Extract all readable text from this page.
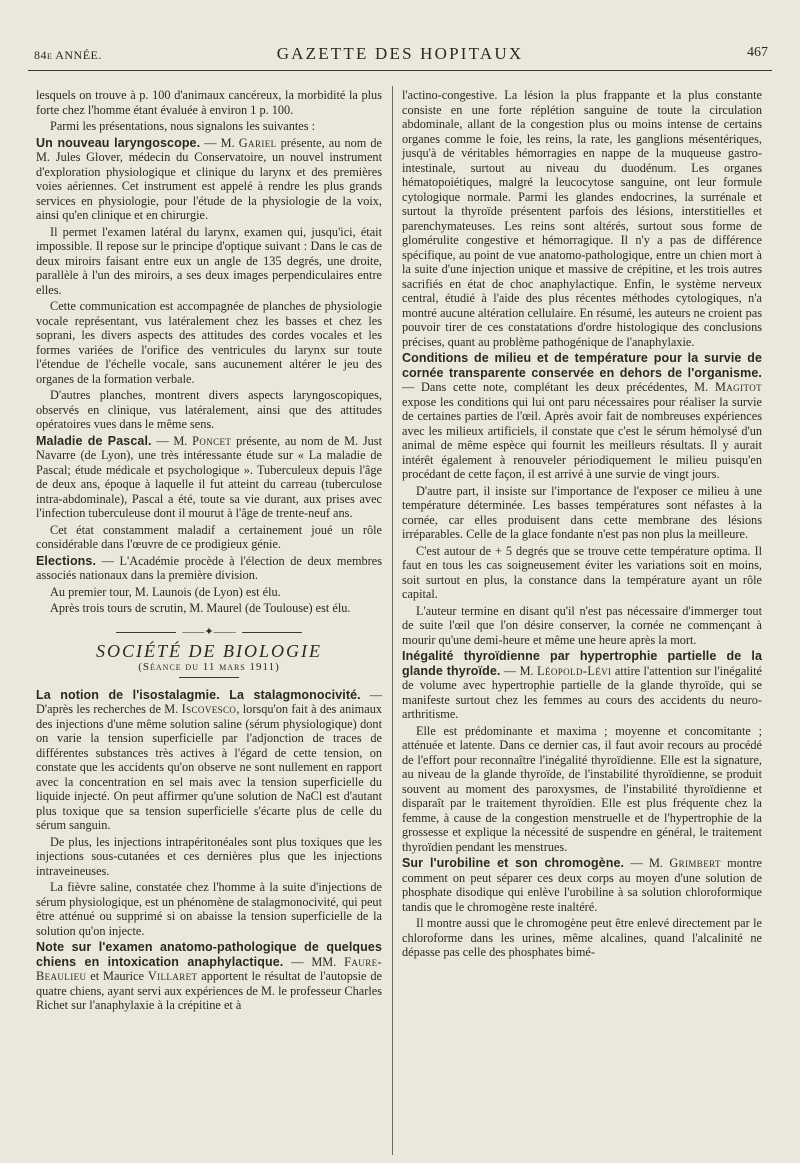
84e ANNÉE.	GAZETTE DES HOPITAUX	467

lesquels on trouve à p. 100 d'animaux cancéreux, la morbidité la plus forte chez l'homme étant évaluée à environ 1 p. 100.

Parmi les présentations, nous signalons les suivantes :

Un nouveau laryngoscope. — M. Gariel présente, au nom de M. Jules Glover, médecin du Conservatoire, un nouvel instrument d'exploration physiologique et clinique du larynx et des premières voies aériennes. Cet instrument est appelé à rendre les plus grands services en physiologie, pour l'étude de la physiologie de la voix, ainsi qu'en clinique et en chirurgie.

Il permet l'examen latéral du larynx, examen qui, jusqu'ici, était impossible. Il repose sur le principe d'optique suivant : Dans le cas de deux miroirs faisant entre eux un angle de 135 degrés, une droite, parallèle à l'un des miroirs, a ses deux images perpendiculaires entre elles.

Cette communication est accompagnée de planches de physiologie vocale représentant, vus latéralement chez les basses et chez les soprani, les divers aspects des attitudes des cordes vocales et les formes variées de l'orifice des ventricules du larynx sur toute l'étendue de l'échelle vocale, sans aucunement altérer le jeu des organes de la formation verbale.

D'autres planches, montrent divers aspects laryngoscopiques, observés en clinique, vus latéralement, ainsi que des attitudes opératoires vues dans le même sens.

Maladie de Pascal. — M. Poncet présente, au nom de M. Just Navarre (de Lyon), une très intéressante étude sur « La maladie de Pascal; étude médicale et psychologique ». Tuberculeux depuis l'âge de deux ans, époque à laquelle il fut atteint du carreau (tuberculose intra-abdominale), Pascal a été, toute sa vie durant, aux prises avec l'infection tuberculeuse dont il mourut à l'âge de trente-neuf ans.

Cet état constamment maladif a certainement joué un rôle considérable dans l'œuvre de ce prodigieux génie.

Elections. — L'Académie procède à l'élection de deux membres associés nationaux dans la première division.

Au premier tour, M. Launois (de Lyon) est élu.

Après trois tours de scrutin, M. Maurel (de Toulouse) est élu.

——✦——

SOCIÉTÉ DE BIOLOGIE

(Séance du 11 mars 1911)

La notion de l'isostalagmie. La stalagmonocivité. — D'après les recherches de M. Iscovesco, lorsqu'on fait à des animaux des injections d'une même solution saline (sérum physiologique) dont on varie la tension superficielle par l'adjonction de traces de différentes substances très actives à l'égard de cette tension, on constate que les accidents qu'on observe ne sont nullement en rapport avec la concentration en sel mais avec la tension superficielle du liquide injecté. On peut affirmer qu'une solution de NaCl est d'autant plus toxique que sa tension superficielle s'écarte plus de celle du sérum sanguin.

De plus, les injections intrapéritonéales sont plus toxiques que les injections sous-cutanées et ces dernières plus que les injections intraveineuses.

La fièvre saline, constatée chez l'homme à la suite d'injections de sérum physiologique, est un phénomène de stalagmonocivité, qui peut être atténué ou supprimé si on abaisse la tension superficielle de la solution qu'on injecte.

Note sur l'examen anatomo-pathologique de quelques chiens en intoxication anaphylactique. — MM. Faure-Beaulieu et Maurice Villaret apportent le résultat de l'autopsie de quatre chiens, ayant servi aux expériences de M. le professeur Charles Richet sur l'anaphylaxie à la crépitine et à

l'actino-congestive. La lésion la plus frappante et la plus constante consiste en une forte réplétion sanguine de toute la circulation abdominale, allant de la congestion plus ou moins intense de certains organes comme le foie, les reins, la rate, les ganglions mésentériques, jusqu'à de véritables hémorragies en nappe de la muqueuse gastro-intestinale, surtout au niveau du duodénum. Les organes hématopoiétiques, malgré la leucocytose sanguine, ont leur formule cytologique normale. Parmi les glandes endocrines, la surrénale et surtout la thyroïde présentent parfois des lésions, interstitielles et parenchymateuses. Les reins sont altérés, surtout sous forme de glomérulite congestive et hémorragique. Il n'y a pas de différence spécifique, au point de vue anatomo-pathologique, entre un chien mort à la suite d'une injection unique et massive de crépitine, et les trois autres sacrifiés en état de choc anaphylactique. Enfin, le système nerveux central, étudié à l'aide des plus récentes méthodes cytologiques, n'a montré aucune altération cellulaire. En résumé, les auteurs ne croient pas pouvoir tirer de ces constatations d'ordre histologique des conclusions précises, quant au problème pathogénique de l'anaphylaxie.

Conditions de milieu et de température pour la survie de cornée transparente conservée en dehors de l'organisme. — Dans cette note, complétant les deux précédentes, M. Magitot expose les conditions qui lui ont paru nécessaires pour réaliser la survie de certaines parties de l'œil. Après avoir fait de nombreuses expériences avec les milieux artificiels, il constate que c'est le sérum hémolysé d'un animal de même espèce qui fournit les meilleurs résultats. Il y aurait intérêt également à renouveler périodiquement le milieu puisqu'en procédant de cette façon, il est arrivé à une survie de vingt jours.

D'autre part, il insiste sur l'importance de l'exposer ce milieu à une température déterminée. Les basses températures sont néfastes à la cornée, car elles produisent dans cette membrane des lésions irréparables. Celle de la glace fondante n'est pas non plus la meilleure.

C'est autour de + 5 degrés que se trouve cette température optima. Il faut en tous les cas soigneusement éviter les variations soit en moins, soit surtout en plus, la constance dans la température ayant un rôle capital.

L'auteur termine en disant qu'il n'est pas nécessaire d'immerger tout de suite l'œil que l'on désire conserver, la cornée ne commençant à mourir qu'une demi-heure et même une heure après la mort.

Inégalité thyroïdienne par hypertrophie partielle de la glande thyroïde. — M. Léopold-Lévi attire l'attention sur l'inégalité de volume avec hypertrophie partielle de la glande thyroïde, qui se manifeste surtout chez les femmes au cours des accidents du neuro-arthritisme.

Elle est prédominante et maxima ; moyenne et concomitante ; atténuée et latente. Dans ce dernier cas, il faut avoir recours au procédé de l'effort pour reconnaître l'inégalité thyroïdienne. Elle est la signature, au niveau de la glande thyroïde, de l'instabilité thyroïdienne, se produit souvent au moment des paroxysmes, de l'instabilité thyroïdienne et disparaît par le traitement thyroïdien. Elle est plus fréquente chez la femme, à cause de la congestion menstruelle et de l'hypertrophie de la grossesse et explique la nécessité de suspendre en général, le traitement thyroïdien pendant les menstrues.

Sur l'urobiline et son chromogène. — M. Grimbert montre comment on peut séparer ces deux corps au moyen d'une solution de phosphate disodique qui enlève l'urobiline à sa solution chloroformique tandis que le chromogène reste inaltéré.

Il montre aussi que le chromogène peut être enlevé directement par le chloroforme dans les urines, même alcalines, quand l'alcalinité ne dépasse pas celle des phosphates bimé-
